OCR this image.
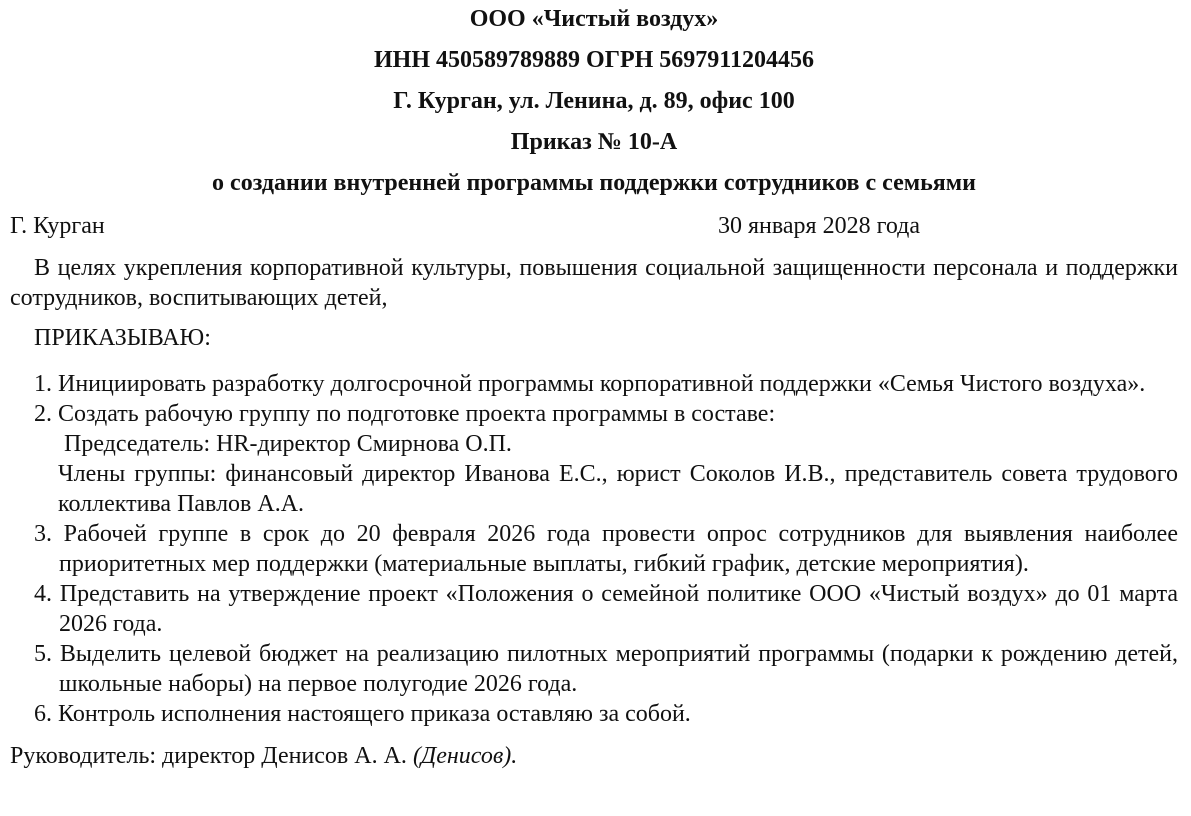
ООО «Чистый воздух»
ИНН 450589789889 ОГРН 5697911204456
Г. Курган, ул. Ленина, д. 89, офис 100
Приказ № 10-А
о создании внутренней программы поддержки сотрудников с семьями
Г. Курган	30 января 2028 года
В целях укрепления корпоративной культуры, повышения социальной защищенности персонала и поддержки сотрудников, воспитывающих детей,
ПРИКАЗЫВАЮ:
1. Инициировать разработку долгосрочной программы корпоративной поддержки «Семья Чистого воздуха».
2. Создать рабочую группу по подготовке проекта программы в составе:
Председатель: HR-директор Смирнова О.П.
Члены группы: финансовый директор Иванова Е.С., юрист Соколов И.В., представитель совета трудового коллектива Павлов А.А.
3. Рабочей группе в срок до 20 февраля 2026 года провести опрос сотрудников для выявления наиболее приоритетных мер поддержки (материальные выплаты, гибкий график, детские мероприятия).
4. Представить на утверждение проект «Положения о семейной политике ООО «Чистый воздух» до 01 марта 2026 года.
5. Выделить целевой бюджет на реализацию пилотных мероприятий программы (подарки к рождению детей, школьные наборы) на первое полугодие 2026 года.
6. Контроль исполнения настоящего приказа оставляю за собой.
Руководитель: директор Денисов А. А. (Денисов).
